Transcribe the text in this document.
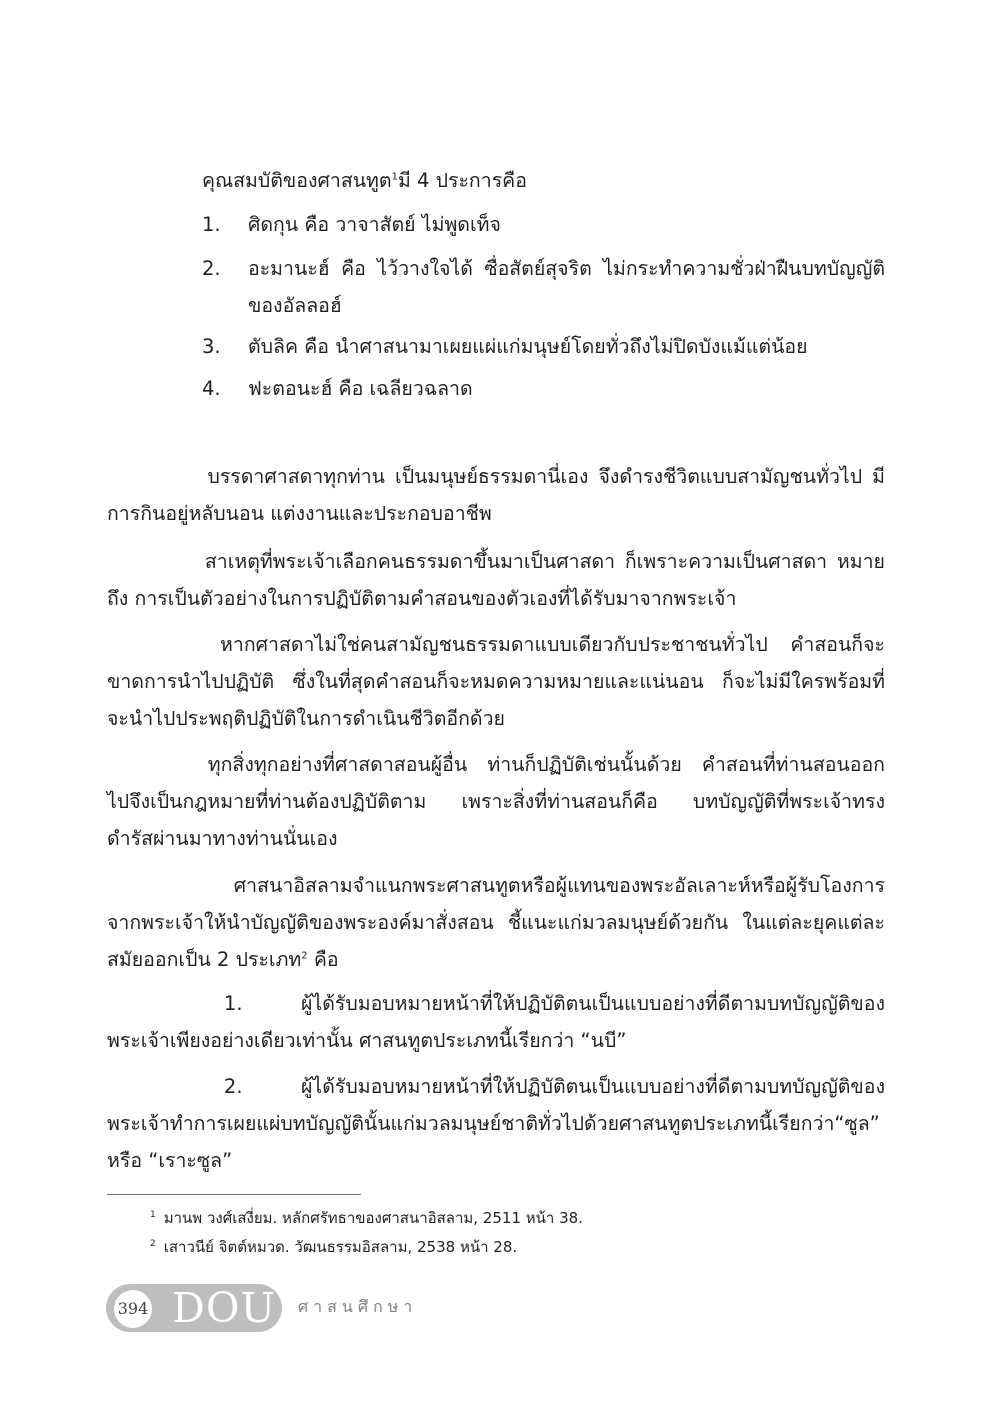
คุณสมบัติของศาสนทูต$^1$มี 4 ประการคือ
1. ศิดกุน คือ วาจาสัตย์ ไม่พูดเท็จ
2. อะมานะฮ์ คือ ไว้วางใจได้ ซื่อสัตย์สุจริต ไม่กระทำความชั่วฝ่าฝืนบทบัญญัติ
ของอัลลอฮ์
3. ตับลิค คือ นำศาสนามาเผยแผ่แก่มนุษย์โดยทั่วถึงไม่ปิดบังแม้แต่น้อย
4. ฟะตอนะฮ์ คือ เฉลียวฉลาด
บรรดาศาสดาทุกท่าน เป็นมนุษย์ธรรมดานี่เอง จึงดำรงชีวิตแบบสามัญชนทั่วไป มี
การกินอยู่หลับนอน แต่งงานและประกอบอาชีพ
สาเหตุที่พระเจ้าเลือกคนธรรมดาขึ้นมาเป็นศาสดา ก็เพราะความเป็นศาสดา หมาย
ถึง การเป็นตัวอย่างในการปฏิบัติตามคำสอนของตัวเองที่ได้รับมาจากพระเจ้า
หากศาสดาไม่ใช่คนสามัญชนธรรมดาแบบเดียวกับประชาชนทั่วไป  คำสอนก็จะ
ขาดการนำไปปฏิบัติ ซึ่งในที่สุดคำสอนก็จะหมดความหมายและแน่นอน ก็จะไม่มีใครพร้อมที่
จะนำไปประพฤติปฏิบัติในการดำเนินชีวิตอีกด้วย
ทุกสิ่งทุกอย่างที่ศาสดาสอนผู้อื่น  ท่านก็ปฏิบัติเช่นนั้นด้วย  คำสอนที่ท่านสอนออก
ไปจึงเป็นกฎหมายที่ท่านต้องปฏิบัติตาม   เพราะสิ่งที่ท่านสอนก็คือ   บทบัญญัติที่พระเจ้าทรง
ดำรัสผ่านมาทางท่านนั่นเอง
ศาสนาอิสลามจำแนกพระศาสนทูตหรือผู้แทนของพระอัลเลาะห์หรือผู้รับโองการ
จากพระเจ้าให้นำบัญญัติของพระองค์มาสั่งสอน  ชี้แนะแก่มวลมนุษย์ด้วยกัน  ในแต่ละยุคแต่ละ
สมัยออกเป็น 2 ประเภท$^2$ คือ
1.     ผู้ได้รับมอบหมายหน้าที่ให้ปฏิบัติตนเป็นแบบอย่างที่ดีตามบทบัญญัติของ
พระเจ้าเพียงอย่างเดียวเท่านั้น ศาสนทูตประเภทนี้เรียกว่า “นบี”
2.     ผู้ได้รับมอบหมายหน้าที่ให้ปฏิบัติตนเป็นแบบอย่างที่ดีตามบทบัญญัติของ
พระเจ้าทำการเผยแผ่บทบัญญัตินั้นแก่มวลมนุษย์ชาติทั่วไปด้วยศาสนทูตประเภทนี้เรียกว่า“ซูล”
หรือ “เราะซูล”
$^1$ มานพ วงศ์เสงี่ยม. หลักศรัทธาของศาสนาอิสลาม, 2511 หน้า 38.
$^2$ เสาวนีย์ จิตต์หมวด. วัฒนธรรมอิสลาม, 2538 หน้า 28.
394 DOU ศาสนศึกษา
